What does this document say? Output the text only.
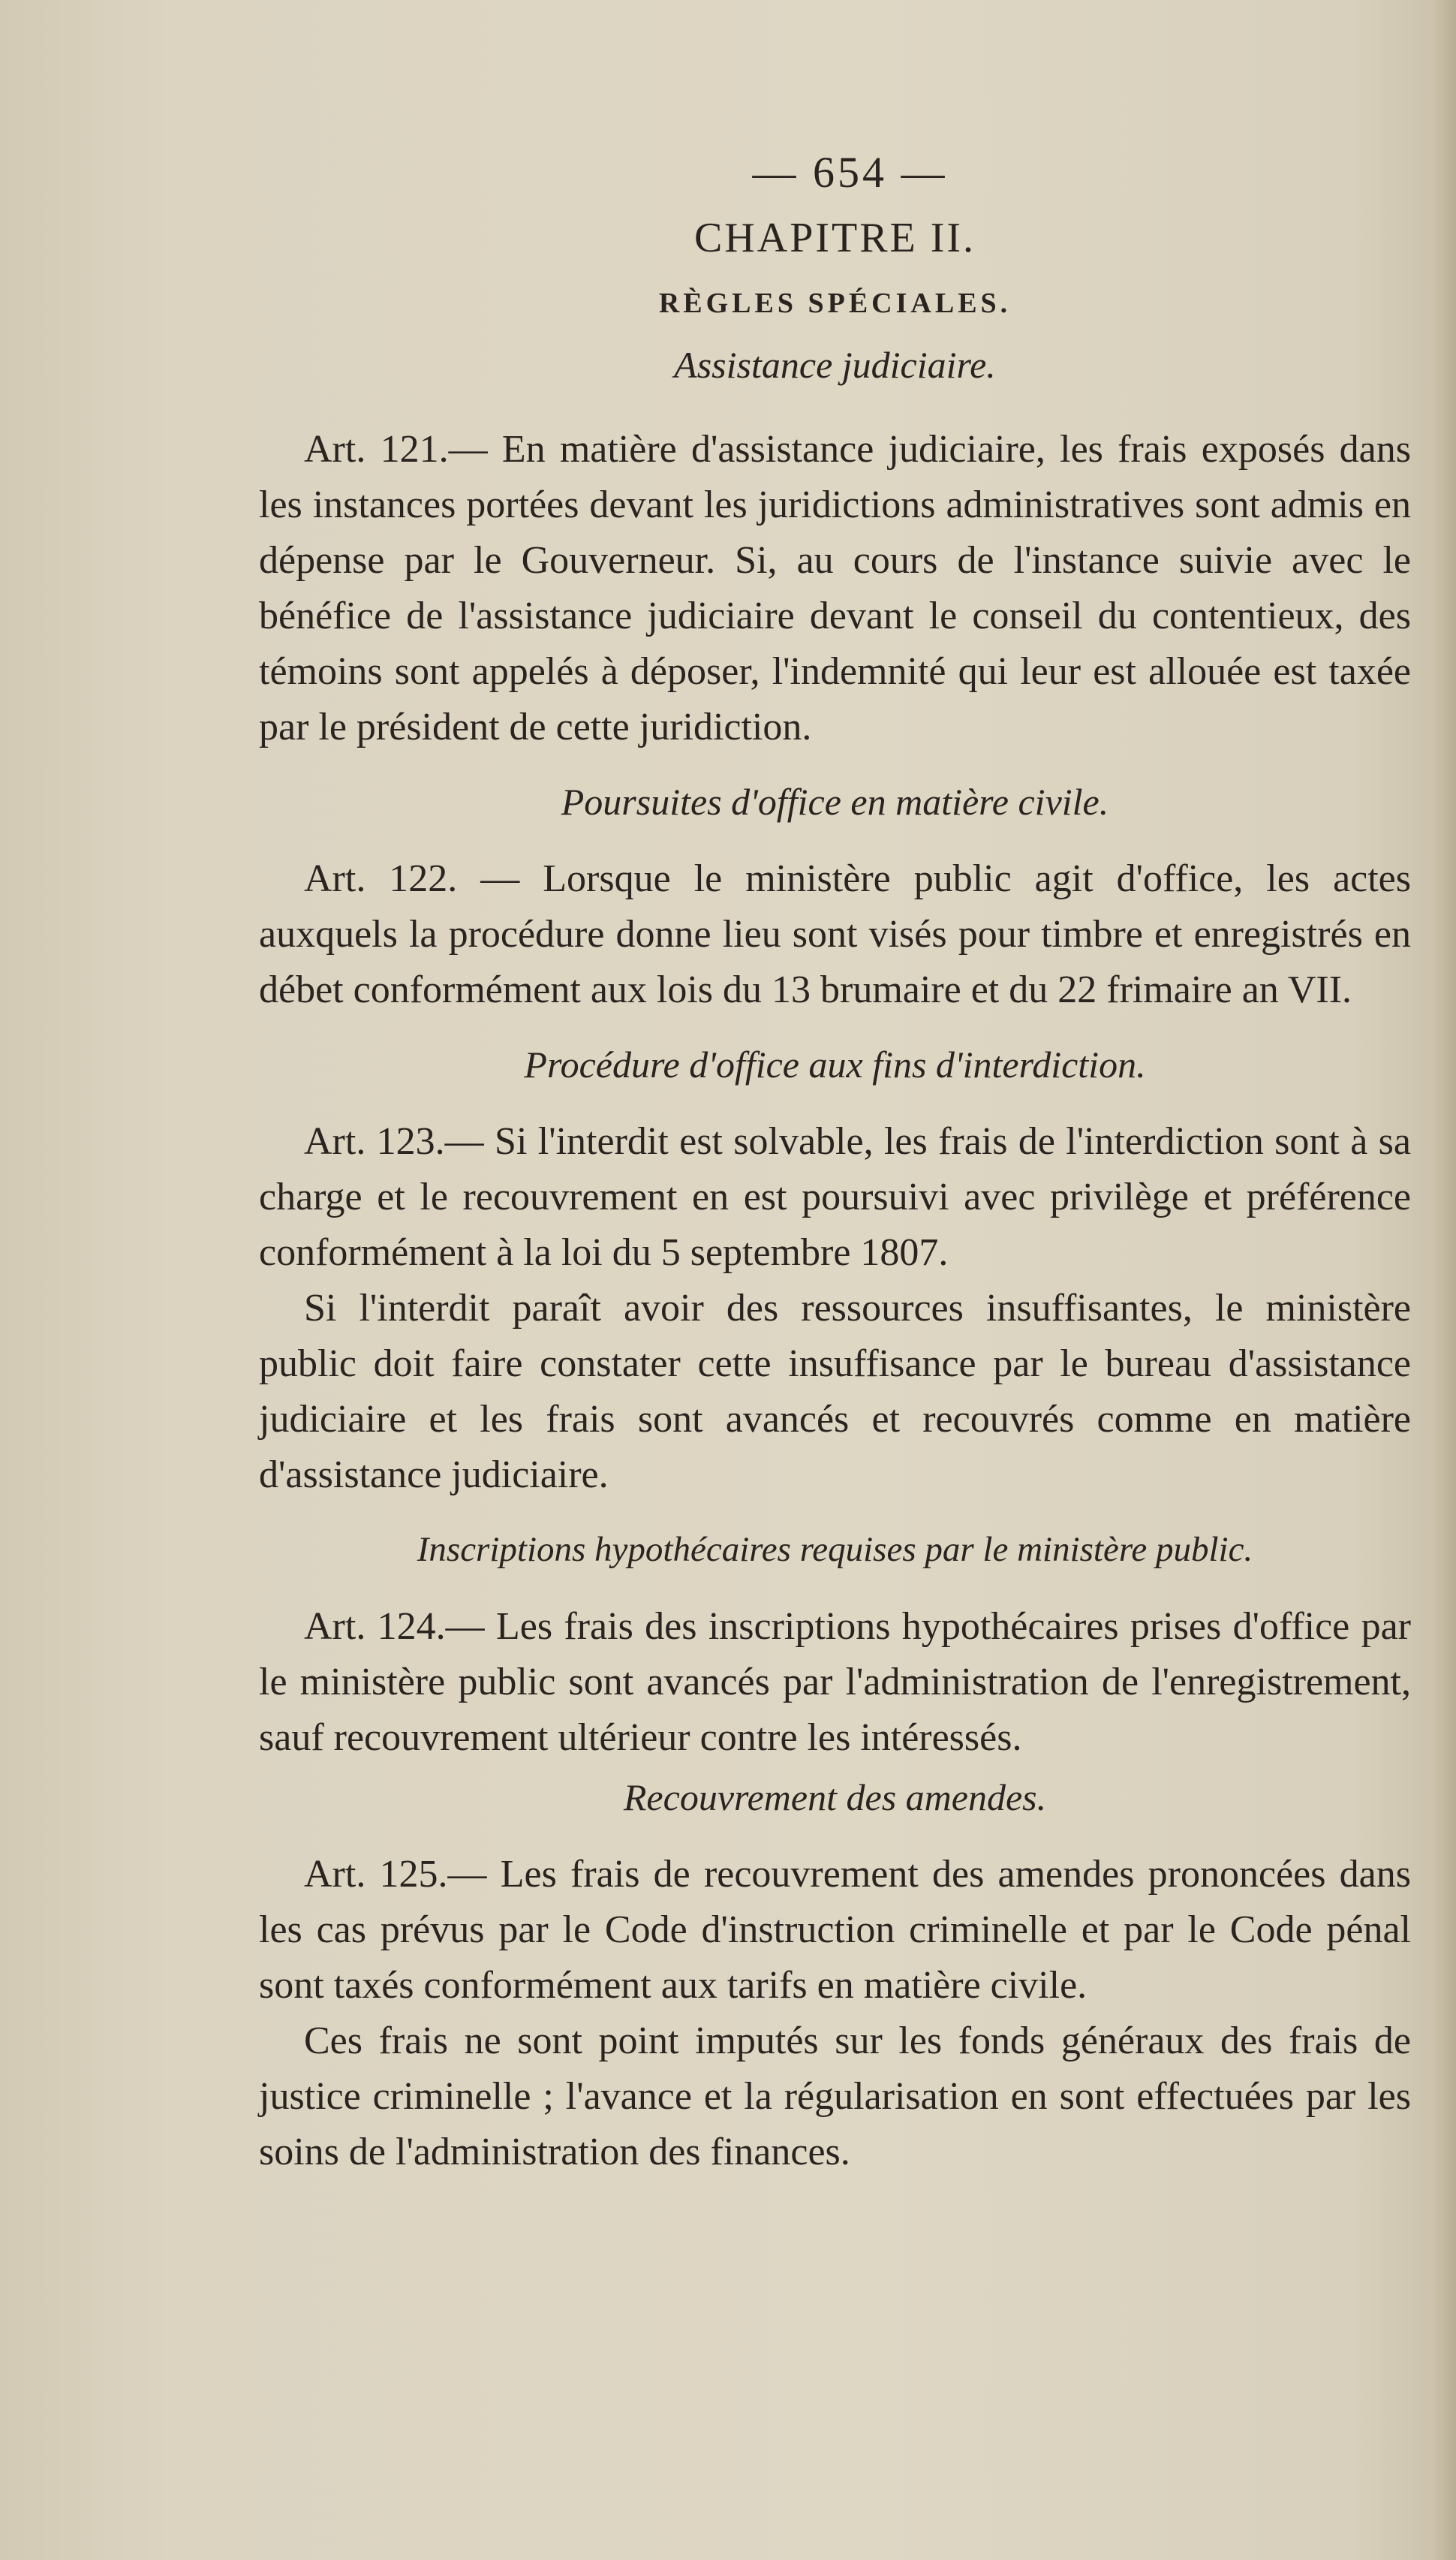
— 654 —
CHAPITRE II.
RÈGLES SPÉCIALES.
Assistance judiciaire.

Art. 121.— En matière d'assistance judiciaire, les frais exposés dans les instances portées devant les juridictions administratives sont admis en dépense par le Gouverneur. Si, au cours de l'instance suivie avec le bénéfice de l'assistance judiciaire devant le conseil du contentieux, des témoins sont appelés à déposer, l'indemnité qui leur est allouée est taxée par le président de cette juridiction.

Poursuites d'office en matière civile.

Art. 122. — Lorsque le ministère public agit d'office, les actes auxquels la procédure donne lieu sont visés pour timbre et enregistrés en débet conformément aux lois du 13 brumaire et du 22 frimaire an VII.

Procédure d'office aux fins d'interdiction.

Art. 123.— Si l'interdit est solvable, les frais de l'interdiction sont à sa charge et le recouvrement en est poursuivi avec privilège et préférence conformément à la loi du 5 septembre 1807.

Si l'interdit paraît avoir des ressources insuffisantes, le ministère public doit faire constater cette insuffisance par le bureau d'assistance judiciaire et les frais sont avancés et recouvrés comme en matière d'assistance judiciaire.

Inscriptions hypothécaires requises par le ministère public.

Art. 124.— Les frais des inscriptions hypothécaires prises d'office par le ministère public sont avancés par l'administration de l'enregistrement, sauf recouvrement ultérieur contre les intéressés.

Recouvrement des amendes.

Art. 125.— Les frais de recouvrement des amendes prononcées dans les cas prévus par le Code d'instruction criminelle et par le Code pénal sont taxés conformément aux tarifs en matière civile.

Ces frais ne sont point imputés sur les fonds généraux des frais de justice criminelle ; l'avance et la régularisation en sont effectuées par les soins de l'administration des finances.
